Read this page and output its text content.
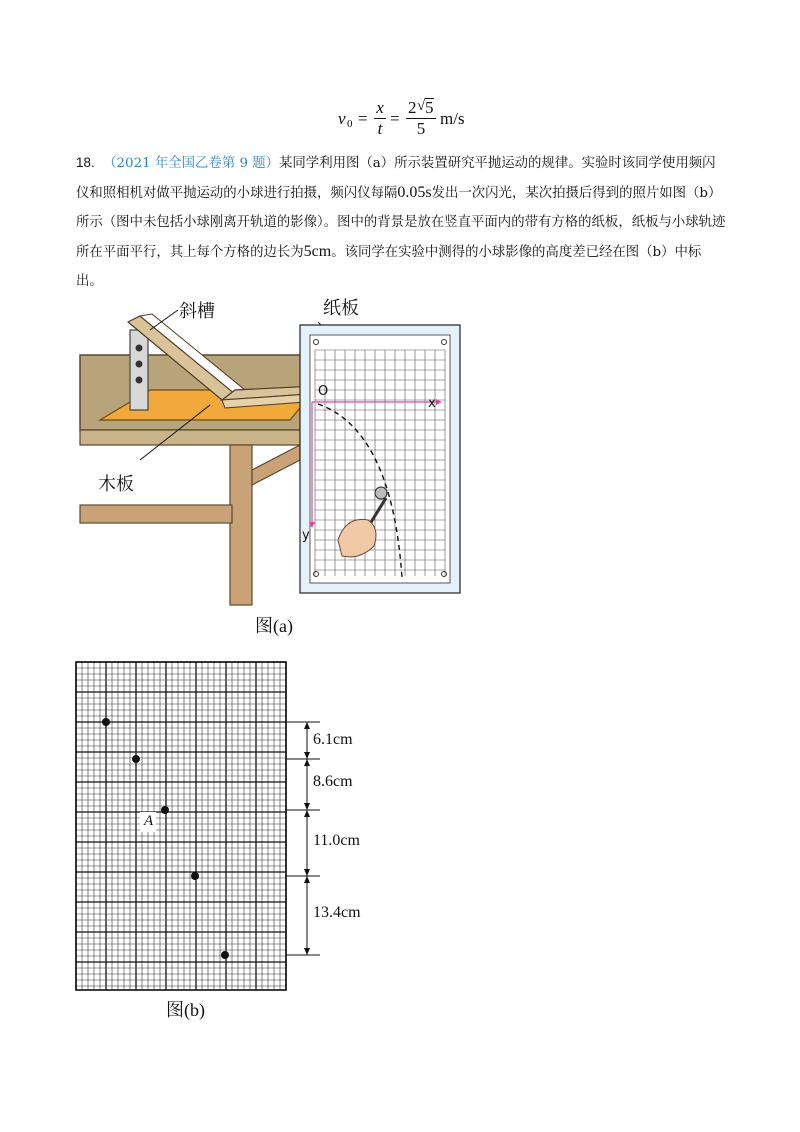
v $0 = \frac{x}{t} = \frac{2 √ 5}{5} m/s$
18. （2021 年全国乙卷第 9 题）某同学利用图（a）所示装置研究平抛运动的规律。实验时该同学使用频闪仪和照相机对做平抛运动的小球进行拍摄，频闪仪每隔0.05s发出一次闪光，某次拍摄后得到的照片如图（b）所示（图中未包括小球刚离开轨道的影像）。图中的背景是放在竖直平面内的带有方格的纸板，纸板与小球轨迹所在平面平行，其上每个方格的边长为5cm。该同学在实验中测得的小球影像的高度差已经在图（b）中标出。
斜槽	纸板
木板
O
x
y
图(a)
A
6.1cm
8.6cm
11.0cm
13.4cm
图(b)
